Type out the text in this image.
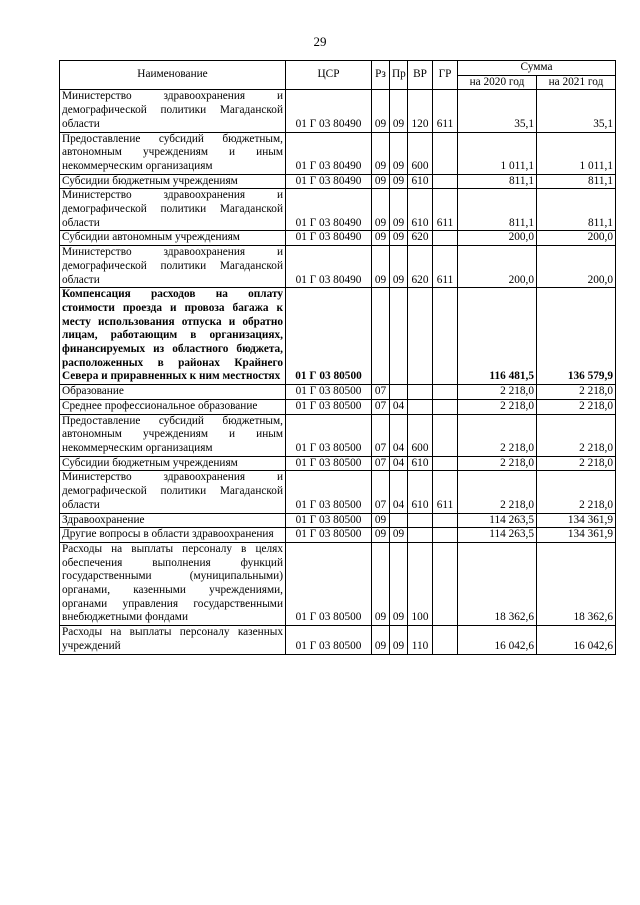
29
Наименование	ЦСР	Рз	Пр	ВР	ГР	Сумма	
						на 2020 год	на 2021 год
Министерство здравоохранения и демографической политики Магаданской области	01 Г 03 80490	09	09	120	611	35,1	35,1
Предоставление субсидий бюджетным, автономным учреждениям и иным некоммерческим организациям	01 Г 03 80490	09	09	600		1 011,1	1 011,1
Субсидии бюджетным учреждениям	01 Г 03 80490	09	09	610		811,1	811,1
Министерство здравоохранения и демографической политики Магаданской области	01 Г 03 80490	09	09	610	611	811,1	811,1
Субсидии автономным учреждениям	01 Г 03 80490	09	09	620		200,0	200,0
Министерство здравоохранения и демографической политики Магаданской области	01 Г 03 80490	09	09	620	611	200,0	200,0
Компенсация расходов на оплату стоимости проезда и провоза багажа к месту использования отпуска и обратно лицам, работающим в организациях, финансируемых из областного бюджета, расположенных в районах Крайнего Севера и приравненных к ним местностях	01 Г 03 80500					116 481,5	136 579,9
Образование	01 Г 03 80500	07				2 218,0	2 218,0
Среднее профессиональное образование	01 Г 03 80500	07	04			2 218,0	2 218,0
Предоставление субсидий бюджетным, автономным учреждениям и иным некоммерческим организациям	01 Г 03 80500	07	04	600		2 218,0	2 218,0
Субсидии бюджетным учреждениям	01 Г 03 80500	07	04	610		2 218,0	2 218,0
Министерство здравоохранения и демографической политики Магаданской области	01 Г 03 80500	07	04	610	611	2 218,0	2 218,0
Здравоохранение	01 Г 03 80500	09				114 263,5	134 361,9
Другие вопросы в области здравоохранения	01 Г 03 80500	09	09			114 263,5	134 361,9
Расходы на выплаты персоналу в целях обеспечения выполнения функций государственными (муниципальными) органами, казенными учреждениями, органами управления государственными внебюджетными фондами	01 Г 03 80500	09	09	100		18 362,6	18 362,6
Расходы на выплаты персоналу казенных учреждений	01 Г 03 80500	09	09	110		16 042,6	16 042,6
